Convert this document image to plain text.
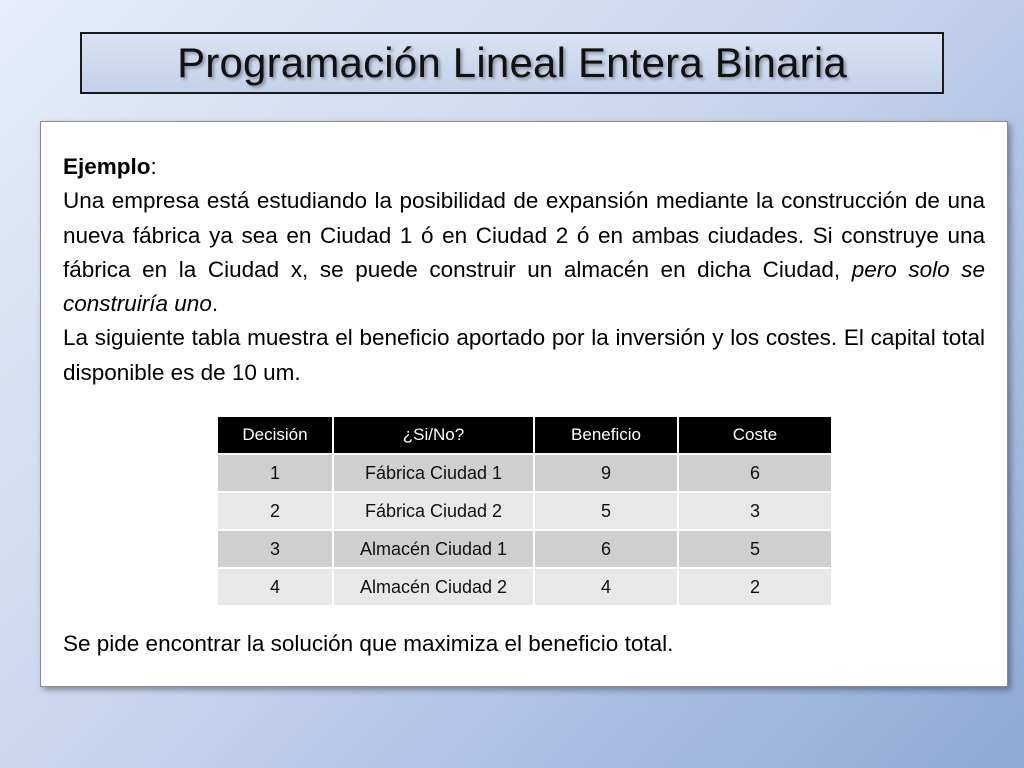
Programación Lineal Entera Binaria

Ejemplo:

Una empresa está estudiando la posibilidad de expansión mediante la construcción de una nueva fábrica ya sea en Ciudad 1 ó en Ciudad 2 ó en ambas ciudades. Si construye una fábrica en la Ciudad x, se puede construir un almacén en dicha Ciudad, pero solo se construiría uno.

La siguiente tabla muestra el beneficio aportado por la inversión y los costes. El capital total disponible es de 10 um.

Decisión	¿Si/No?	Beneficio	Coste
1	Fábrica Ciudad 1	9	6
2	Fábrica Ciudad 2	5	3
3	Almacén Ciudad 1	6	5
4	Almacén Ciudad 2	4	2

Se pide encontrar la solución que maximiza el beneficio total.
